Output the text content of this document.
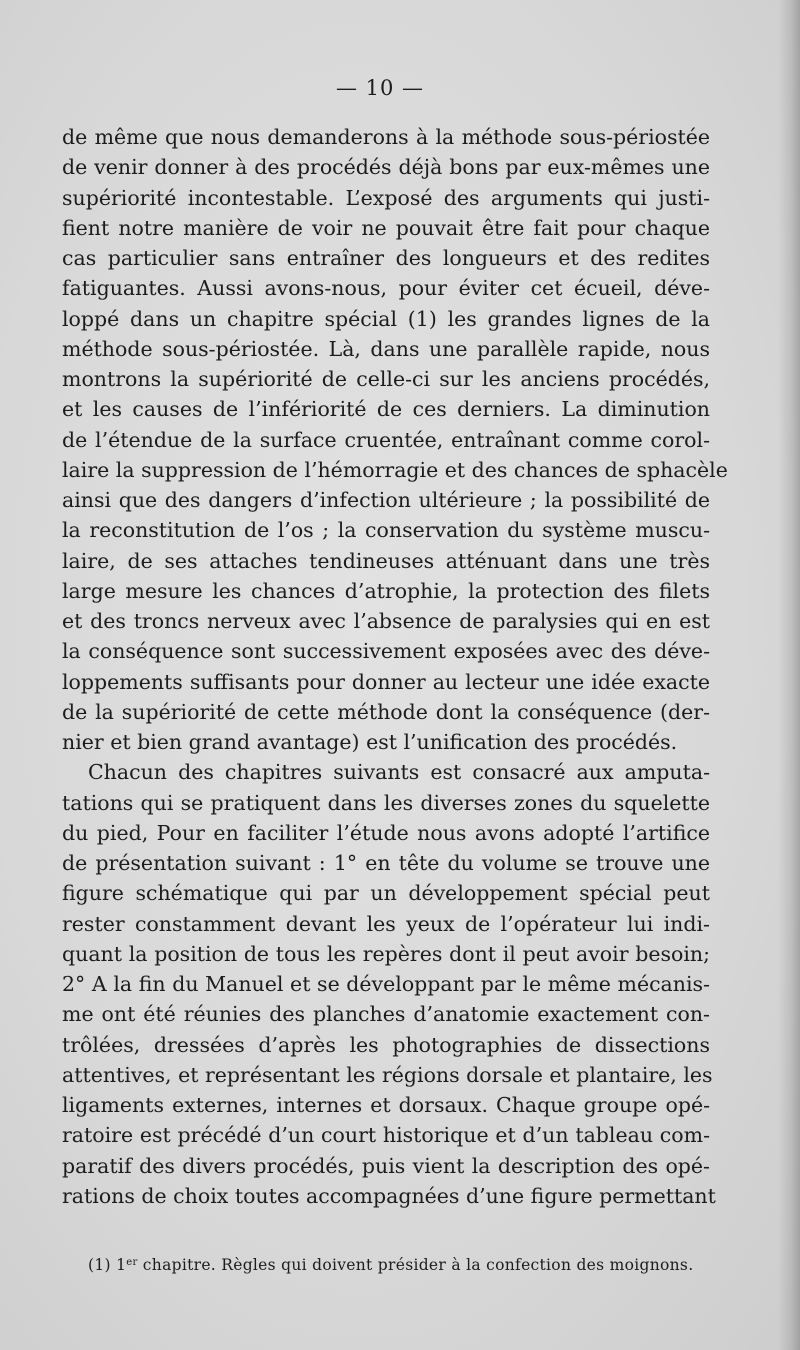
— 10 —
de même que nous demanderons à la méthode sous-périostée
de venir donner à des procédés déjà bons par eux-mêmes une
supériorité incontestable. L’exposé des arguments qui justi-
fient notre manière de voir ne pouvait être fait pour chaque
cas particulier sans entraîner des longueurs et des redites
fatiguantes. Aussi avons-nous, pour éviter cet écueil, déve-
loppé dans un chapitre spécial (1) les grandes lignes de la
méthode sous-périostée. Là, dans une parallèle rapide, nous
montrons la supériorité de celle-ci sur les anciens procédés,
et les causes de l’infériorité de ces derniers. La diminution
de l’étendue de la surface cruentée, entraînant comme corol-
laire la suppression de l’hémorragie et des chances de sphacèle
ainsi que des dangers d’infection ultérieure ; la possibilité de
la reconstitution de l’os ; la conservation du système muscu-
laire, de ses attaches tendineuses atténuant dans une très
large mesure les chances d’atrophie, la protection des filets
et des troncs nerveux avec l’absence de paralysies qui en est
la conséquence sont successivement exposées avec des déve-
loppements suffisants pour donner au lecteur une idée exacte
de la supériorité de cette méthode dont la conséquence (der-
nier et bien grand avantage) est l’unification des procédés.
Chacun des chapitres suivants est consacré aux amputa-
tations qui se pratiquent dans les diverses zones du squelette
du pied, Pour en faciliter l’étude nous avons adopté l’artifice
de présentation suivant : 1° en tête du volume se trouve une
figure schématique qui par un développement spécial peut
rester constamment devant les yeux de l’opérateur lui indi-
quant la position de tous les repères dont il peut avoir besoin;
2° A la fin du Manuel et se développant par le même mécanis-
me ont été réunies des planches d’anatomie exactement con-
trôlées, dressées d’après les photographies de dissections
attentives, et représentant les régions dorsale et plantaire, les
ligaments externes, internes et dorsaux. Chaque groupe opé-
ratoire est précédé d’un court historique et d’un tableau com-
paratif des divers procédés, puis vient la description des opé-
rations de choix toutes accompagnées d’une figure permettant
(1) 1er chapitre. Règles qui doivent présider à la confection des moignons.
